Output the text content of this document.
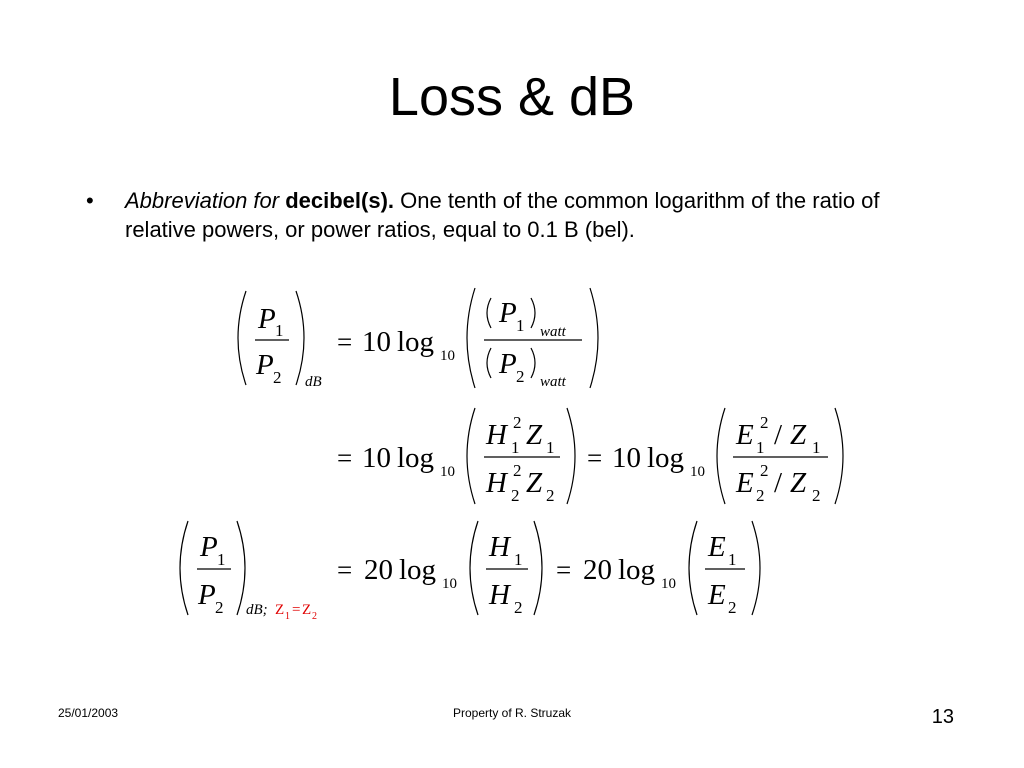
Loss & dB
• Abbreviation for decibel(s). One tenth of the common logarithm of the ratio of relative powers, or power ratios, equal to 0.1 B (bel).
P 1
P 2 dB
= 10 log 10
P 1 watt
P 2 watt
= 10 log 10
H 2
1 Z 1
H 2
2 Z 2
= 10 log 10
E 2
1 / Z 1
E 2
2 / Z 2
P 1
P 2 dB; Z 1 = Z 2
= 20 log 10
H 1
H 2
= 20 log 10
E 1
E 2
25/01/2003	Property of R. Struzak	13
